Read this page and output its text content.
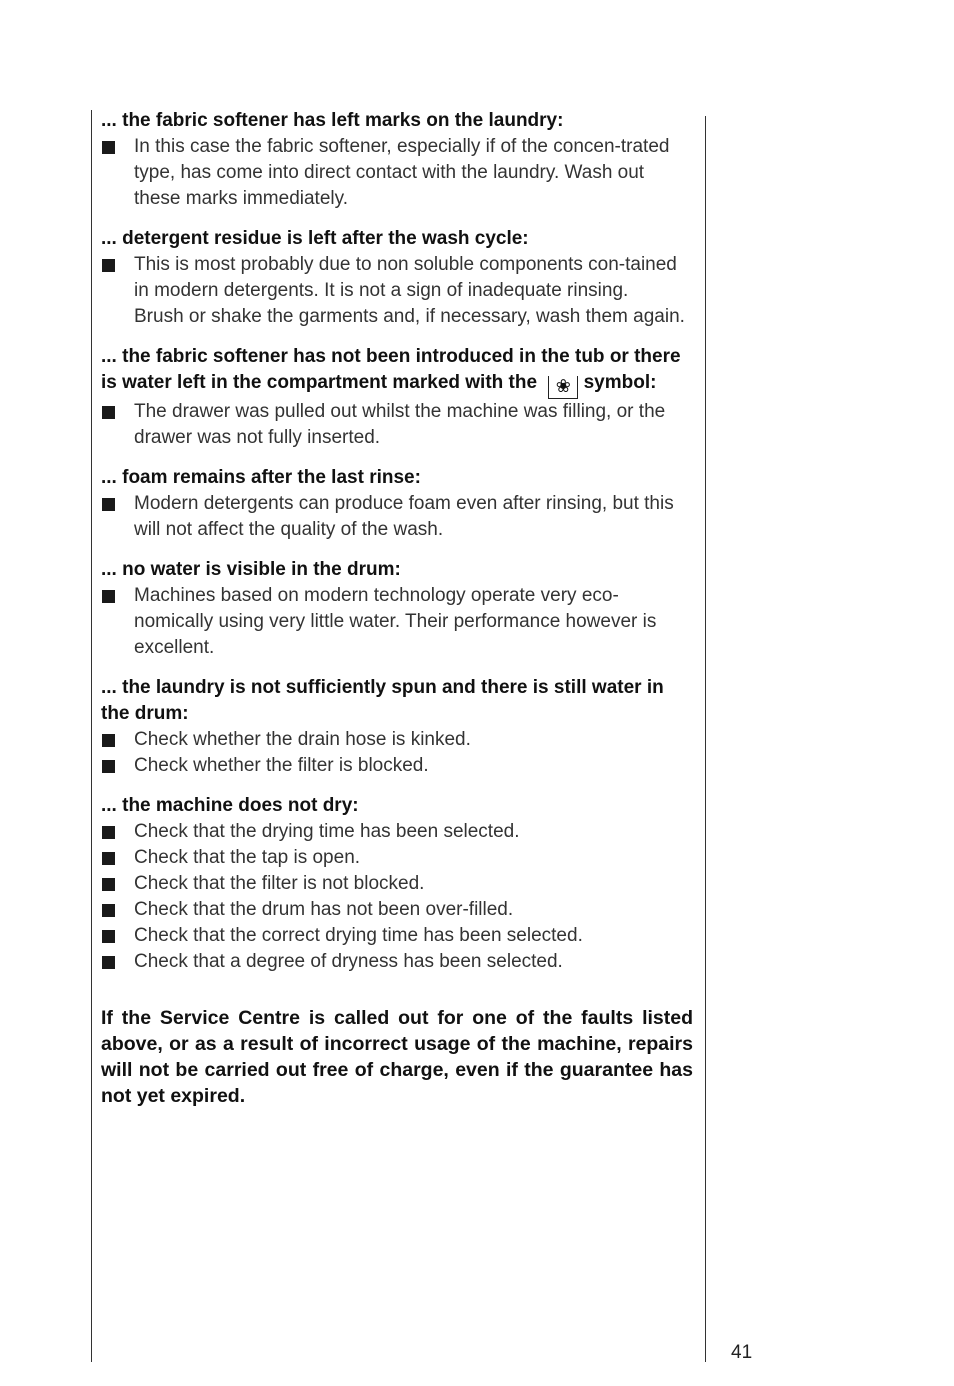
... the fabric softener has left marks on the laundry:

In this case the fabric softener, especially if of the concen-trated type, has come into direct contact with the laundry. Wash out these marks immediately.

... detergent residue is left after the wash cycle:

This is most probably due to non soluble components con-tained in modern detergents. It is not a sign of inadequate rinsing.
Brush or shake the garments and, if necessary, wash them again.

... the fabric softener has not been introduced in the tub or there is water left in the compartment marked with the ❀ symbol:

The drawer was pulled out whilst the machine was filling, or the drawer was not fully inserted.

... foam remains after the last rinse:

Modern detergents can produce foam even after rinsing, but this will not affect the quality of the wash.

... no water is visible in the drum:

Machines based on modern technology operate very eco-nomically using very little water. Their performance however is excellent.

... the laundry is not sufficiently spun and there is still water in the drum:

Check whether the drain hose is kinked.
Check whether the filter is blocked.

... the machine does not dry:

Check that the drying time has been selected.
Check that the tap is open.
Check that the filter is not blocked.
Check that the drum has not been over-filled.
Check that the correct drying time has been selected.
Check that a degree of dryness has been selected.

If the Service Centre is called out for one of the faults listed above, or as a result of incorrect usage of the machine, repairs will not be carried out free of charge, even if the guarantee has not yet expired.

41
